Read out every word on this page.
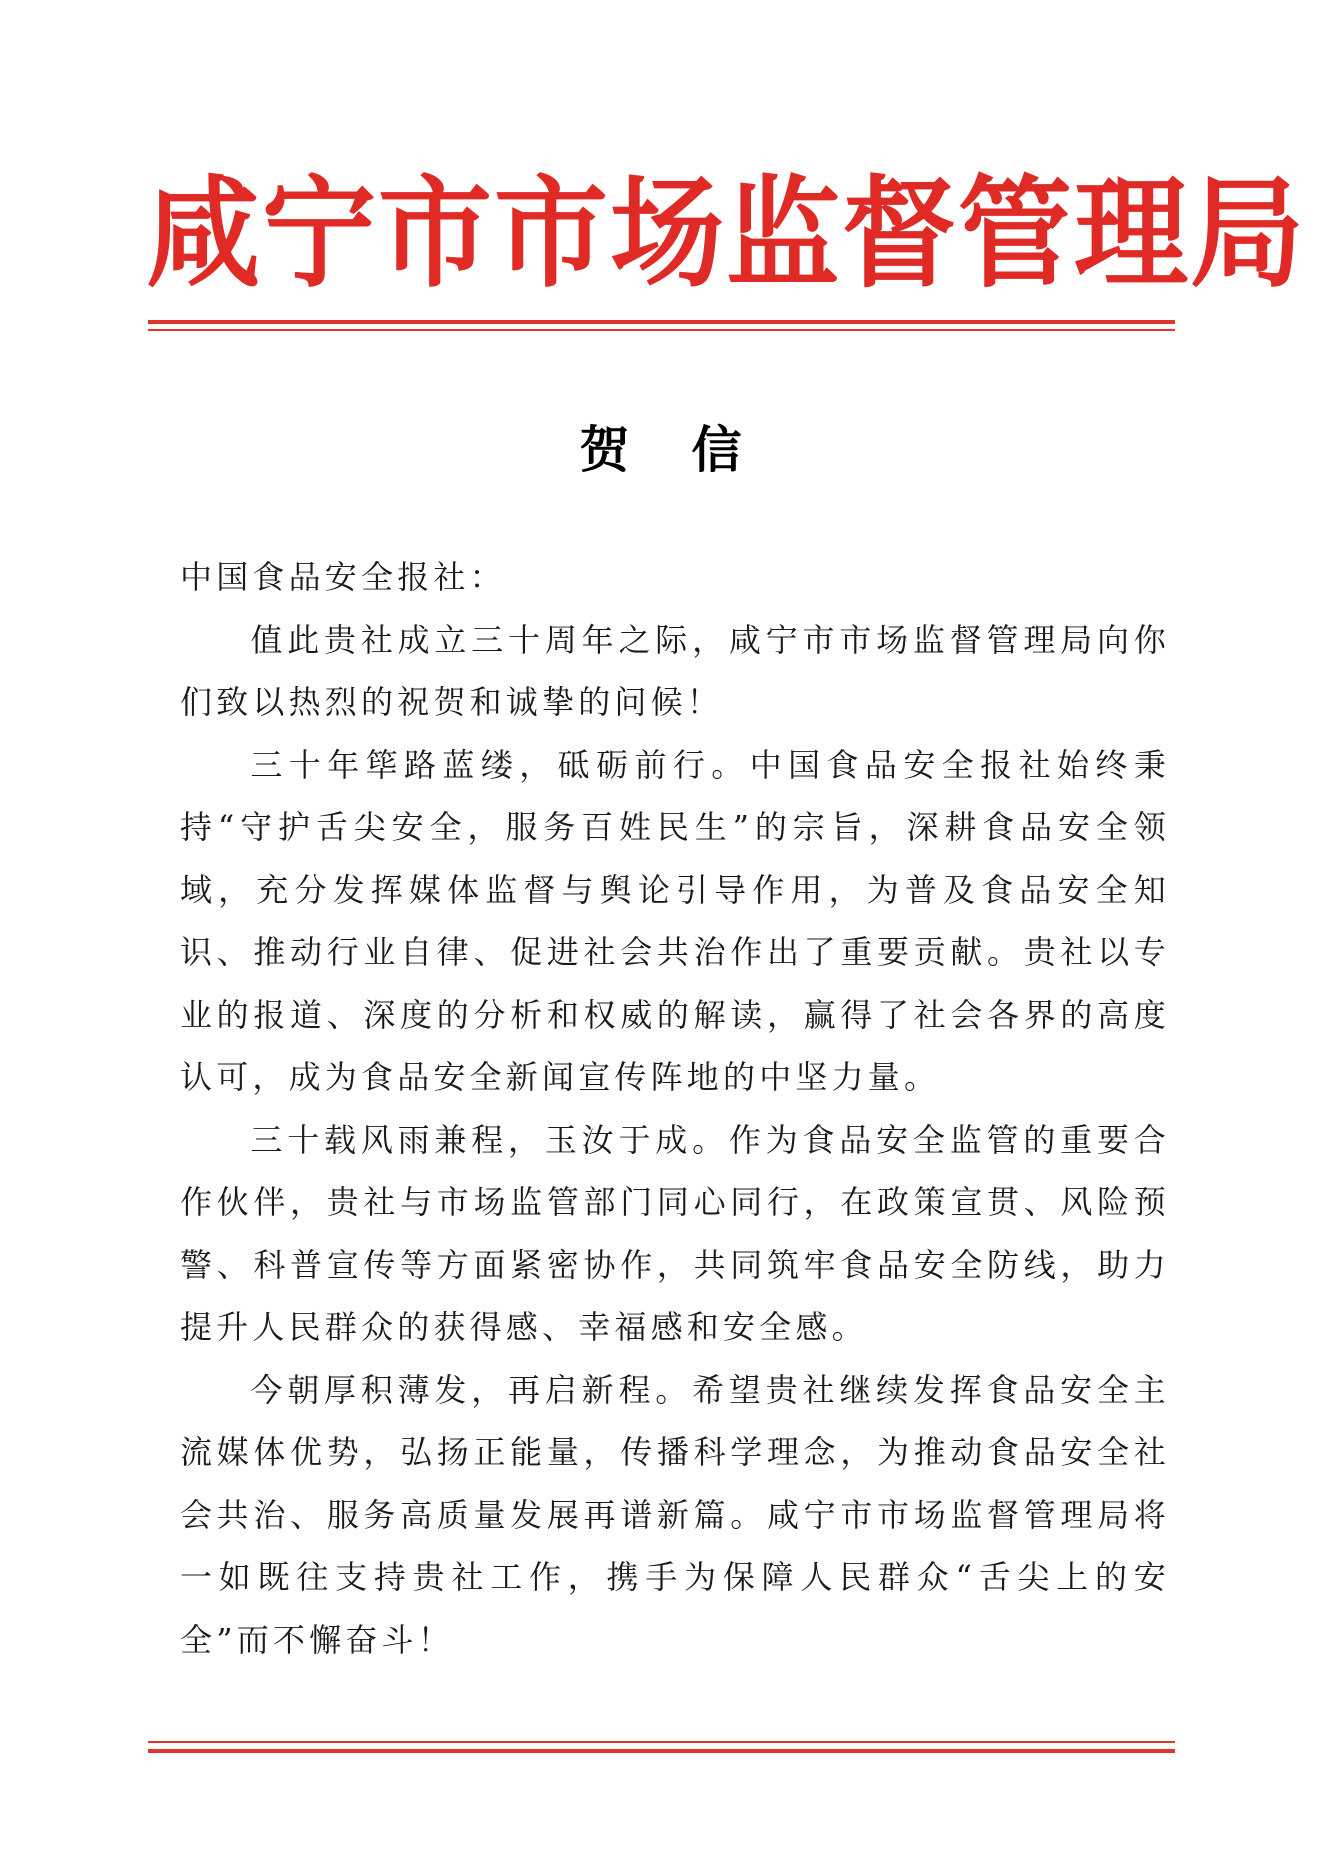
咸宁市市场监督管理局
贺 信

中国食品安全报社：

值此贵社成立三十周年之际，咸宁市市场监督管理局向你们致以热烈的祝贺和诚挚的问候！

三十年筚路蓝缕，砥砺前行。中国食品安全报社始终秉持“守护舌尖安全，服务百姓民生”的宗旨，深耕食品安全领域，充分发挥媒体监督与舆论引导作用，为普及食品安全知识、推动行业自律、促进社会共治作出了重要贡献。贵社以专业的报道、深度的分析和权威的解读，赢得了社会各界的高度认可，成为食品安全新闻宣传阵地的中坚力量。

三十载风雨兼程，玉汝于成。作为食品安全监管的重要合作伙伴，贵社与市场监管部门同心同行，在政策宣贯、风险预警、科普宣传等方面紧密协作，共同筑牢食品安全防线，助力提升人民群众的获得感、幸福感和安全感。

今朝厚积薄发，再启新程。希望贵社继续发挥食品安全主流媒体优势，弘扬正能量，传播科学理念，为推动食品安全社会共治、服务高质量发展再谱新篇。咸宁市市场监督管理局将一如既往支持贵社工作，携手为保障人民群众“舌尖上的安全”而不懈奋斗！
